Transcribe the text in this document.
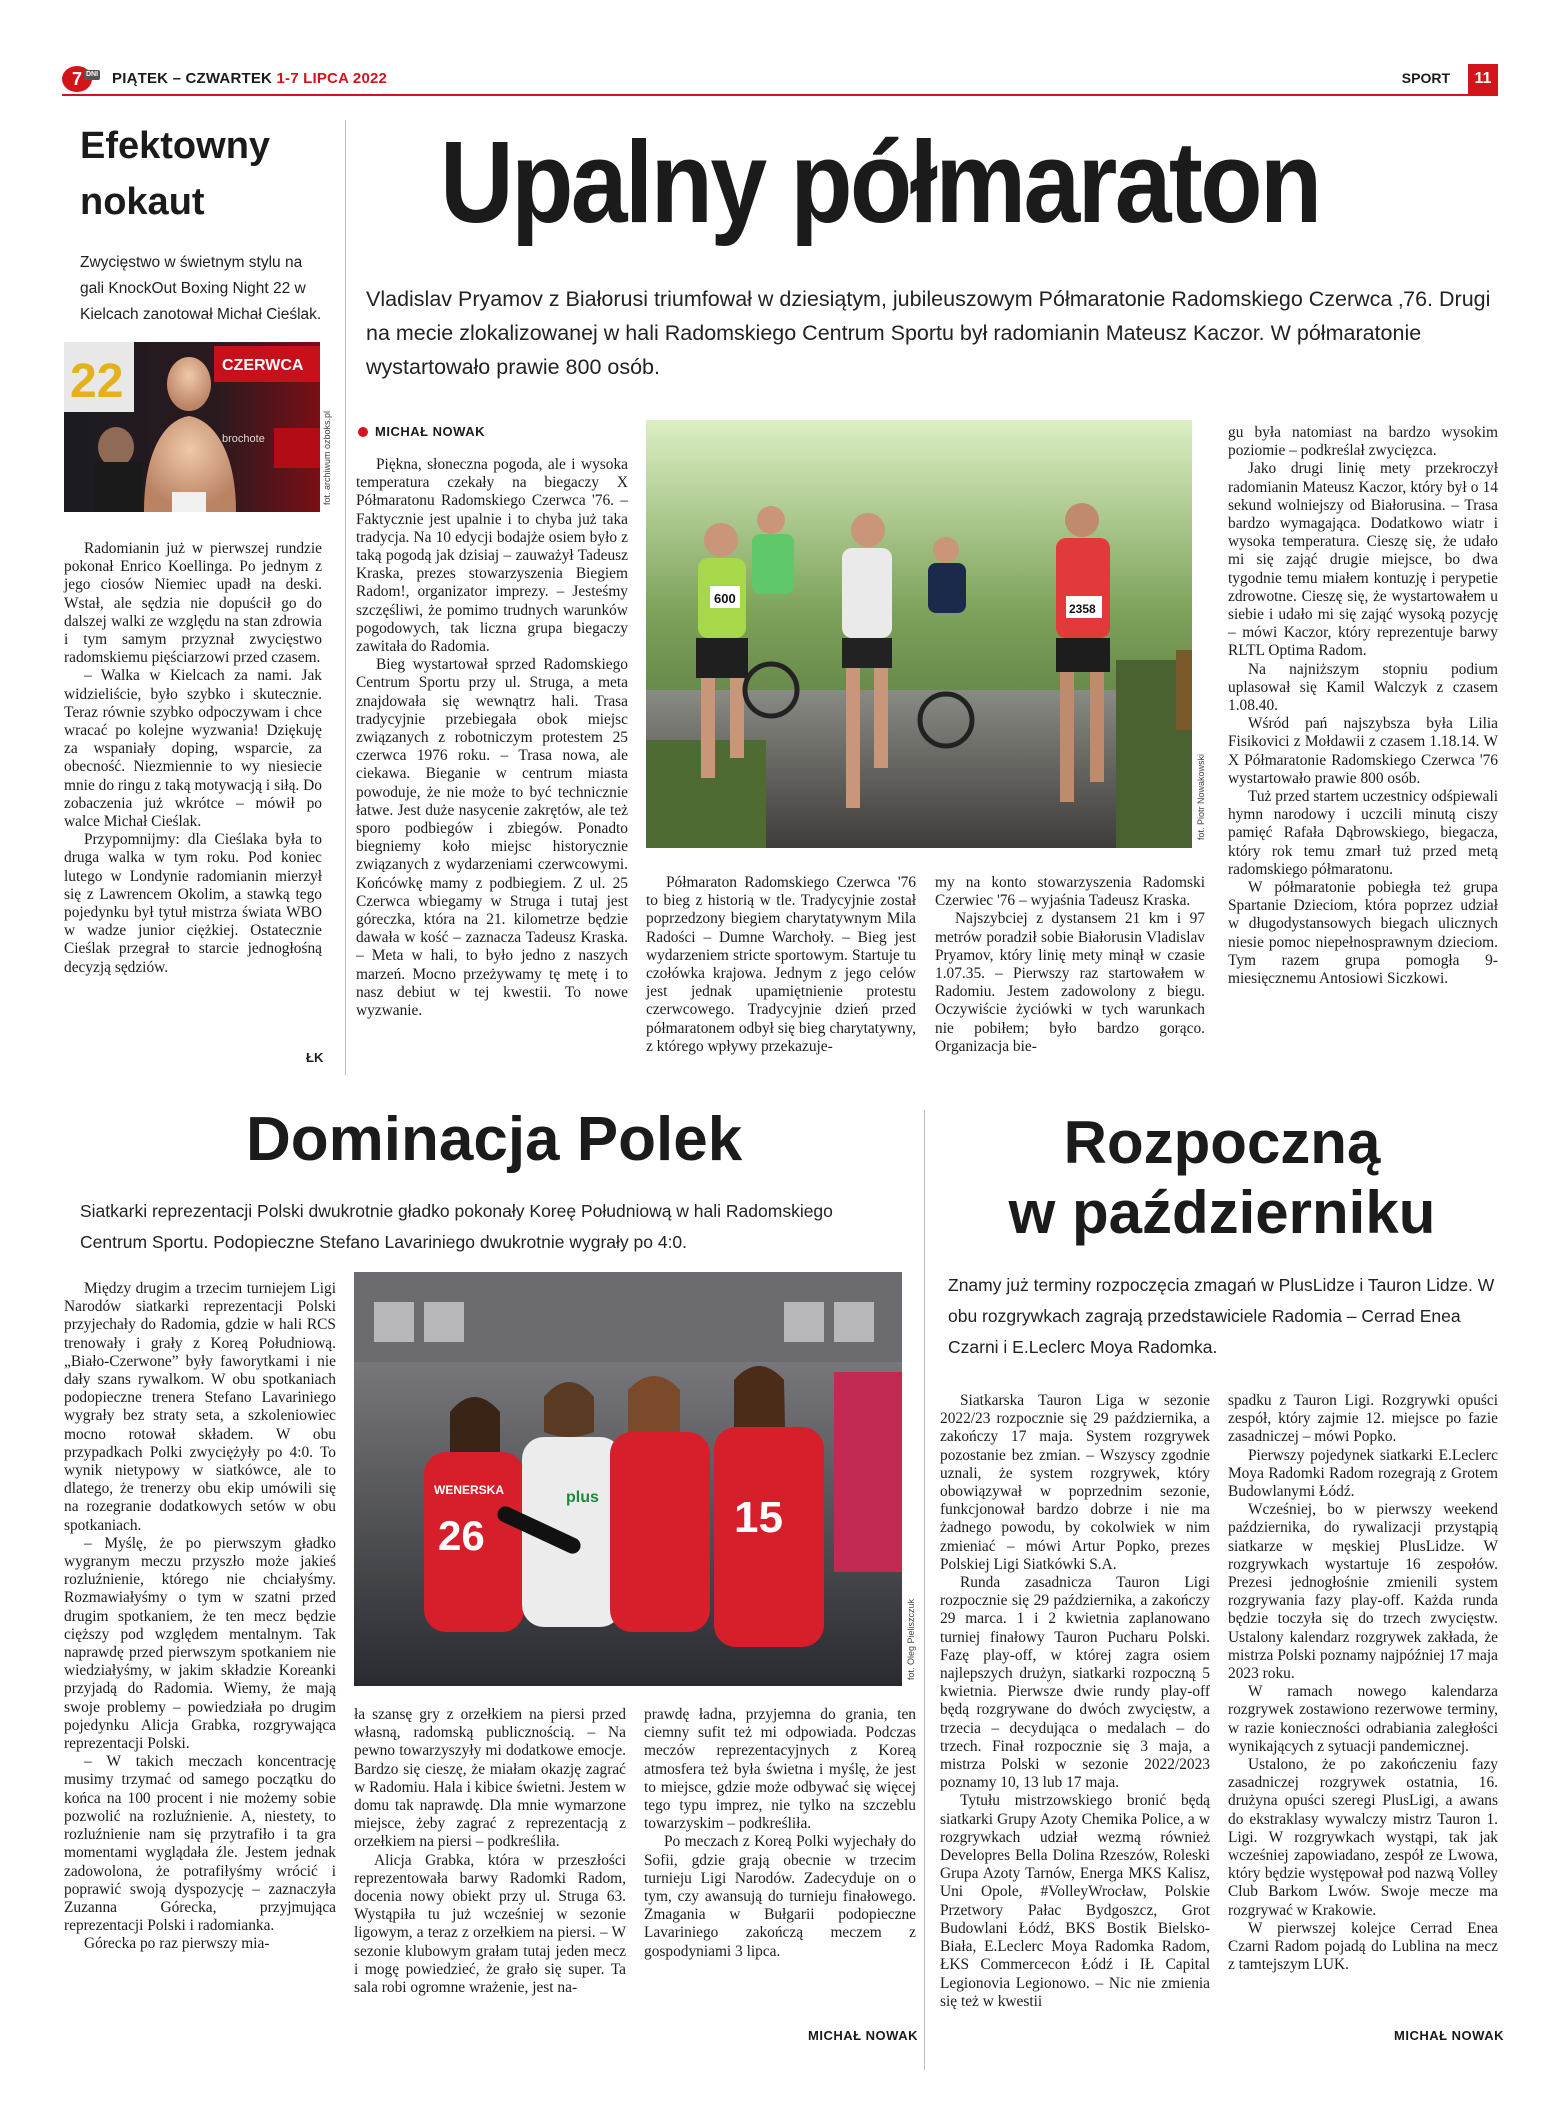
7 DNI PIĄTEK – CZWARTEK 1-7 LIPCA 2022	SPORT	11
Efektowny
nokaut
Zwycięstwo w świetnym stylu na gali KnockOut Boxing Night 22 w Kielcach zanotował Michał Cieślak.
22	CZERWCA
brochote	fot. archiwum ozboks.pl

Radomianin już w pierwszej rundzie pokonał Enrico Koellinga. Po jednym z jego ciosów Niemiec upadł na deski. Wstał, ale sędzia nie dopuścił go do dalszej walki ze względu na stan zdrowia i tym samym przyznał zwycięstwo radomskiemu pięściarzowi przed czasem.

– Walka w Kielcach za nami. Jak widzieliście, było szybko i skutecznie. Teraz równie szybko odpoczywam i chce wracać po kolejne wyzwania! Dziękuję za wspaniały doping, wsparcie, za obecność. Niezmiennie to wy niesiecie mnie do ringu z taką motywacją i siłą. Do zobaczenia już wkrótce – mówił po walce Michał Cieślak.

Przypomnijmy: dla Cieślaka była to druga walka w tym roku. Pod koniec lutego w Londynie radomianin mierzył się z Lawrencem Okolim, a stawką tego pojedynku był tytuł mistrza świata WBO w wadze junior ciężkiej. Ostatecznie Cieślak przegrał to starcie jednogłośną decyzją sędziów.

ŁK
Upalny półmaraton
Vladislav Pryamov z Białorusi triumfował w dziesiątym, jubileuszowym Półmaratonie Radomskiego Czerwca ‚76. Drugi na mecie zlokalizowanej w hali Radomskiego Centrum Sportu był radomianin Mateusz Kaczor. W półmaratonie wystartowało prawie 800 osób.
MICHAŁ NOWAK
600
2358
fot. Piotr Nowakowski

Piękna, słoneczna pogoda, ale i wysoka temperatura czekały na biegaczy X Półmaratonu Radomskiego Czerwca '76. – Faktycznie jest upalnie i to chyba już taka tradycja. Na 10 edycji bodajże osiem było z taką pogodą jak dzisiaj – zauważył Tadeusz Kraska, prezes stowarzyszenia Biegiem Radom!, organizator imprezy. – Jesteśmy szczęśliwi, że pomimo trudnych warunków pogodowych, tak liczna grupa biegaczy zawitała do Radomia.

Bieg wystartował sprzed Radomskiego Centrum Sportu przy ul. Struga, a meta znajdowała się wewnątrz hali. Trasa tradycyjnie przebiegała obok miejsc związanych z robotniczym protestem 25 czerwca 1976 roku. – Trasa nowa, ale ciekawa. Bieganie w centrum miasta powoduje, że nie może to być technicznie łatwe. Jest duże nasycenie zakrętów, ale też sporo podbiegów i zbiegów. Ponadto biegniemy koło miejsc historycznie związanych z wydarzeniami czerwcowymi. Końcówkę mamy z podbiegiem. Z ul. 25 Czerwca wbiegamy w Struga i tutaj jest góreczka, która na 21. kilometrze będzie dawała w kość – zaznacza Tadeusz Kraska. – Meta w hali, to było jedno z naszych marzeń. Mocno przeżywamy tę metę i to nasz debiut w tej kwestii. To nowe wyzwanie.

Półmaraton Radomskiego Czerwca '76 to bieg z historią w tle. Tradycyjnie został poprzedzony biegiem charytatywnym Mila Radości – Dumne Warchoły. – Bieg jest wydarzeniem stricte sportowym. Startuje tu czołówka krajowa. Jednym z jego celów jest jednak upamiętnienie protestu czerwcowego. Tradycyjnie dzień przed półmaratonem odbył się bieg charytatywny, z którego wpływy przekazuje-

my na konto stowarzyszenia Radomski Czerwiec '76 – wyjaśnia Tadeusz Kraska.

Najszybciej z dystansem 21 km i 97 metrów poradził sobie Białorusin Vladislav Pryamov, który linię mety minął w czasie 1.07.35. – Pierwszy raz startowałem w Radomiu. Jestem zadowolony z biegu. Oczywiście życiówki w tych warunkach nie pobiłem; było bardzo gorąco. Organizacja bie-

gu była natomiast na bardzo wysokim poziomie – podkreślał zwycięzca.

Jako drugi linię mety przekroczył radomianin Mateusz Kaczor, który był o 14 sekund wolniejszy od Białorusina. – Trasa bardzo wymagająca. Dodatkowo wiatr i wysoka temperatura. Cieszę się, że udało mi się zająć drugie miejsce, bo dwa tygodnie temu miałem kontuzję i perypetie zdrowotne. Cieszę się, że wystartowałem u siebie i udało mi się zająć wysoką pozycję – mówi Kaczor, który reprezentuje barwy RLTL Optima Radom.

Na najniższym stopniu podium uplasował się Kamil Walczyk z czasem 1.08.40.

Wśród pań najszybsza była Lilia Fisikovici z Mołdawii z czasem 1.18.14. W X Półmaratonie Radomskiego Czerwca '76 wystartowało prawie 800 osób.

Tuż przed startem uczestnicy odśpiewali hymn narodowy i uczcili minutą ciszy pamięć Rafała Dąbrowskiego, biegacza, który rok temu zmarł tuż przed metą radomskiego półmaratonu.

W półmaratonie pobiegła też grupa Spartanie Dzieciom, która poprzez udział w długodystansowych biegach ulicznych niesie pomoc niepełnosprawnym dzieciom. Tym razem grupa pomogła 9-miesięcznemu Antosiowi Siczkowi.

Dominacja Polek
Siatkarki reprezentacji Polski dwukrotnie gładko pokonały Koreę Południową w hali Radomskiego Centrum Sportu. Podopieczne Stefano Lavariniego dwukrotnie wygrały po 4:0.
26
WENERSKA	plus	15
fot. Oleg Pieliszczuk

Między drugim a trzecim turniejem Ligi Narodów siatkarki reprezentacji Polski przyjechały do Radomia, gdzie w hali RCS trenowały i grały z Koreą Południową. „Biało-Czerwone” były faworytkami i nie dały szans rywalkom. W obu spotkaniach podopieczne trenera Stefano Lavariniego wygrały bez straty seta, a szkoleniowiec mocno rotował składem. W obu przypadkach Polki zwyciężyły po 4:0. To wynik nietypowy w siatkówce, ale to dlatego, że trenerzy obu ekip umówili się na rozegranie dodatkowych setów w obu spotkaniach.

– Myślę, że po pierwszym gładko wygranym meczu przyszło może jakieś rozluźnienie, którego nie chciałyśmy. Rozmawiałyśmy o tym w szatni przed drugim spotkaniem, że ten mecz będzie cięższy pod względem mentalnym. Tak naprawdę przed pierwszym spotkaniem nie wiedziałyśmy, w jakim składzie Koreanki przyjadą do Radomia. Wiemy, że mają swoje problemy – powiedziała po drugim pojedynku Alicja Grabka, rozgrywająca reprezentacji Polski.

– W takich meczach koncentrację musimy trzymać od samego początku do końca na 100 procent i nie możemy sobie pozwolić na rozluźnienie. A, niestety, to rozluźnienie nam się przytrafiło i ta gra momentami wyglądała źle. Jestem jednak zadowolona, że potrafiłyśmy wrócić i poprawić swoją dyspozycję – zaznaczyła Zuzanna Górecka, przyjmująca reprezentacji Polski i radomianka.

Górecka po raz pierwszy mia-

ła szansę gry z orzełkiem na piersi przed własną, radomską publicznością. – Na pewno towarzyszyły mi dodatkowe emocje. Bardzo się cieszę, że miałam okazję zagrać w Radomiu. Hala i kibice świetni. Jestem w domu tak naprawdę. Dla mnie wymarzone miejsce, żeby zagrać z reprezentacją z orzełkiem na piersi – podkreśliła.

Alicja Grabka, która w przeszłości reprezentowała barwy Radomki Radom, docenia nowy obiekt przy ul. Struga 63. Wystąpiła tu już wcześniej w sezonie ligowym, a teraz z orzełkiem na piersi. – W sezonie klubowym grałam tutaj jeden mecz i mogę powiedzieć, że grało się super. Ta sala robi ogromne wrażenie, jest na-

prawdę ładna, przyjemna do grania, ten ciemny sufit też mi odpowiada. Podczas meczów reprezentacyjnych z Koreą atmosfera też była świetna i myślę, że jest to miejsce, gdzie może odbywać się więcej tego typu imprez, nie tylko na szczeblu towarzyskim – podkreśliła.

Po meczach z Koreą Polki wyjechały do Sofii, gdzie grają obecnie w trzecim turnieju Ligi Narodów. Zadecyduje on o tym, czy awansują do turnieju finałowego. Zmagania w Bułgarii podopieczne Lavariniego zakończą meczem z gospodyniami 3 lipca.

MICHAŁ NOWAK
Rozpoczną
w październiku
Znamy już terminy rozpoczęcia zmagań w PlusLidze i Tauron Lidze. W obu rozgrywkach zagrają przedstawiciele Radomia – Cerrad Enea Czarni i E.Leclerc Moya Radomka.

Siatkarska Tauron Liga w sezonie 2022/23 rozpocznie się 29 października, a zakończy 17 maja. System rozgrywek pozostanie bez zmian. – Wszyscy zgodnie uznali, że system rozgrywek, który obowiązywał w poprzednim sezonie, funkcjonował bardzo dobrze i nie ma żadnego powodu, by cokolwiek w nim zmieniać – mówi Artur Popko, prezes Polskiej Ligi Siatkówki S.A.

Runda zasadnicza Tauron Ligi rozpocznie się 29 października, a zakończy 29 marca. 1 i 2 kwietnia zaplanowano turniej finałowy Tauron Pucharu Polski. Fazę play-off, w której zagra osiem najlepszych drużyn, siatkarki rozpoczną 5 kwietnia. Pierwsze dwie rundy play-off będą rozgrywane do dwóch zwycięstw, a trzecia – decydująca o medalach – do trzech. Finał rozpocznie się 3 maja, a mistrza Polski w sezonie 2022/2023 poznamy 10, 13 lub 17 maja.

Tytułu mistrzowskiego bronić będą siatkarki Grupy Azoty Chemika Police, a w rozgrywkach udział wezmą również Developres Bella Dolina Rzeszów, Roleski Grupa Azoty Tarnów, Energa MKS Kalisz, Uni Opole, #VolleyWrocław, Polskie Przetwory Pałac Bydgoszcz, Grot Budowlani Łódź, BKS Bostik Bielsko-Biała, E.Leclerc Moya Radomka Radom, ŁKS Commercecon Łódź i IŁ Capital Legionovia Legionowo. – Nic nie zmienia się też w kwestii

spadku z Tauron Ligi. Rozgrywki opuści zespół, który zajmie 12. miejsce po fazie zasadniczej – mówi Popko.

Pierwszy pojedynek siatkarki E.Leclerc Moya Radomki Radom rozegrają z Grotem Budowlanymi Łódź.

Wcześniej, bo w pierwszy weekend października, do rywalizacji przystąpią siatkarze w męskiej PlusLidze. W rozgrywkach wystartuje 16 zespołów. Prezesi jednogłośnie zmienili system rozgrywania fazy play-off. Każda runda będzie toczyła się do trzech zwycięstw. Ustalony kalendarz rozgrywek zakłada, że mistrza Polski poznamy najpóźniej 17 maja 2023 roku.

W ramach nowego kalendarza rozgrywek zostawiono rezerwowe terminy, w razie konieczności odrabiania zaległości wynikających z sytuacji pandemicznej.

Ustalono, że po zakończeniu fazy zasadniczej rozgrywek ostatnia, 16. drużyna opuści szeregi PlusLigi, a awans do ekstraklasy wywalczy mistrz Tauron 1. Ligi. W rozgrywkach wystąpi, tak jak wcześniej zapowiadano, zespół ze Lwowa, który będzie występował pod nazwą Volley Club Barkom Lwów. Swoje mecze ma rozgrywać w Krakowie.

W pierwszej kolejce Cerrad Enea Czarni Radom pojadą do Lublina na mecz z tamtejszym LUK.

MICHAŁ NOWAK
